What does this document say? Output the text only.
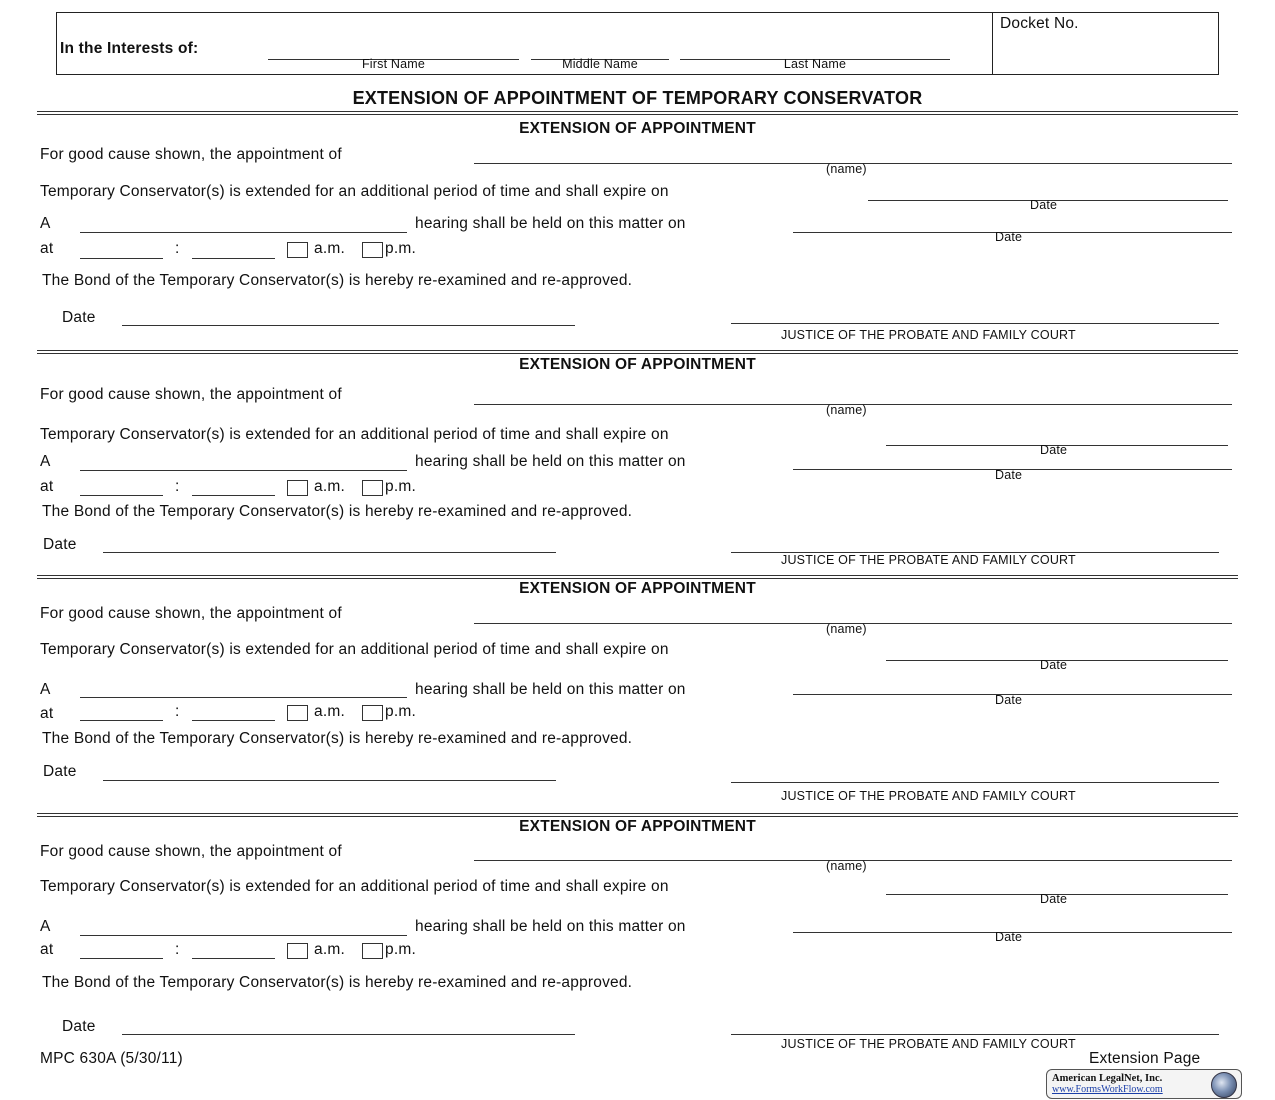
In the Interests of:
First Name	Middle Name	Last Name
Docket No.
EXTENSION OF APPOINTMENT OF TEMPORARY CONSERVATOR
EXTENSION OF APPOINTMENT
For good cause shown, the appointment of
(name)
Temporary Conservator(s) is extended for an additional period of time and shall expire on
Date
A	hearing shall be held on this matter on
Date
at	:	a.m.	p.m.
The Bond of the Temporary Conservator(s) is hereby re-examined and re-approved.
Date
JUSTICE OF THE PROBATE AND FAMILY COURT
EXTENSION OF APPOINTMENT
For good cause shown, the appointment of
(name)
Temporary Conservator(s) is extended for an additional period of time and shall expire on
Date
A	hearing shall be held on this matter on
Date
at	:	a.m.	p.m.
The Bond of the Temporary Conservator(s) is hereby re-examined and re-approved.
Date
JUSTICE OF THE PROBATE AND FAMILY COURT
EXTENSION OF APPOINTMENT
For good cause shown, the appointment of
(name)
Temporary Conservator(s) is extended for an additional period of time and shall expire on
Date
A	hearing shall be held on this matter on
Date
at	:	a.m.	p.m.
The Bond of the Temporary Conservator(s) is hereby re-examined and re-approved.
Date
JUSTICE OF THE PROBATE AND FAMILY COURT
EXTENSION OF APPOINTMENT
For good cause shown, the appointment of
(name)
Temporary Conservator(s) is extended for an additional period of time and shall expire on
Date
A	hearing shall be held on this matter on
Date
at	:	a.m.	p.m.
The Bond of the Temporary Conservator(s) is hereby re-examined and re-approved.
Date
JUSTICE OF THE PROBATE AND FAMILY COURT
MPC 630A (5/30/11)	Extension Page
American LegalNet, Inc.
www.FormsWorkFlow.com
